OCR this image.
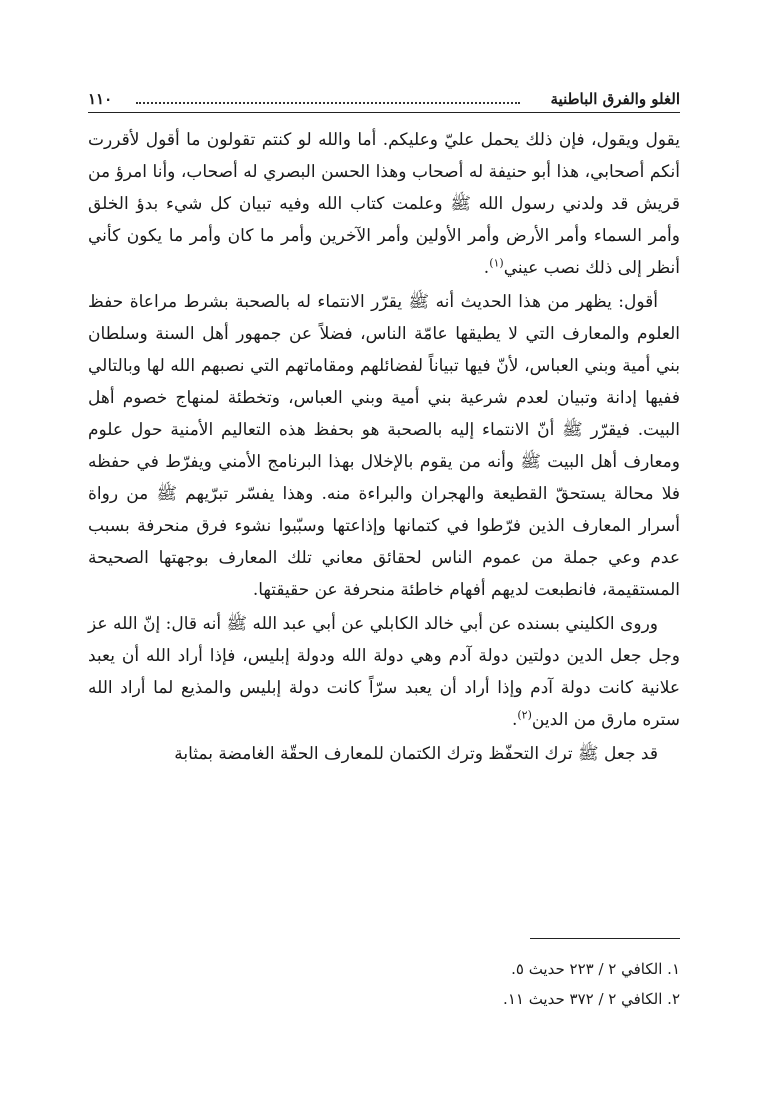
الغلو والفرق الباطنية
١١٠

يقول ويقول، فإن ذلك يحمل عليّ وعليكم. أما والله لو كنتم تقولون ما أقول لأقررت أنكم أصحابي، هذا أبو حنيفة له أصحاب وهذا الحسن البصري له أصحاب، وأنا امرؤ من قريش قد ولدني رسول الله ﷺ وعلمت كتاب الله وفيه تبيان كل شيء بدؤ الخلق وأمر السماء وأمر الأرض وأمر الأولين وأمر الآخرين وأمر ما كان وأمر ما يكون كأني أنظر إلى ذلك نصب عيني$^{(١)}$.

أقول: يظهر من هذا الحديث أنه ﷺ يقرّر الانتماء له بالصحبة بشرط مراعاة حفظ العلوم والمعارف التي لا يطيقها عامّة الناس، فضلاً عن جمهور أهل السنة وسلطان بني أمية وبني العباس، لأنّ فيها تبياناً لفضائلهم ومقاماتهم التي نصبهم الله لها وبالتالي ففيها إدانة وتبيان لعدم شرعية بني أمية وبني العباس، وتخطئة لمنهاج خصوم أهل البيت. فيقرّر ﷺ أنّ الانتماء إليه بالصحبة هو بحفظ هذه التعاليم الأمنية حول علوم ومعارف أهل البيت ﷺ وأنه من يقوم بالإخلال بهذا البرنامج الأمني ويفرّط في حفظه فلا محالة يستحقّ القطيعة والهجران والبراءة منه. وهذا يفسّر تبرّيهم ﷺ من رواة أسرار المعارف الذين فرّطوا في كتمانها وإذاعتها وسبّبوا نشوء فرق منحرفة بسبب عدم وعي جملة من عموم الناس لحقائق معاني تلك المعارف بوجهتها الصحيحة المستقيمة، فانطبعت لديهم أفهام خاطئة منحرفة عن حقيقتها.

وروى الكليني بسنده عن أبي خالد الكابلي عن أبي عبد الله ﷺ أنه قال: إنّ الله عز وجل جعل الدين دولتين دولة آدم وهي دولة الله ودولة إبليس، فإذا أراد الله أن يعبد علانية كانت دولة آدم وإذا أراد أن يعبد سرّاً كانت دولة إبليس والمذيع لما أراد الله ستره مارق من الدين$^{(٢)}$.

قد جعل ﷺ ترك التحفّظ وترك الكتمان للمعارف الحقّة الغامضة بمثابة

١. الكافي ٢ / ٢٢٣ حديث ٥.
٢. الكافي ٢ / ٣٧٢ حديث ١١.
